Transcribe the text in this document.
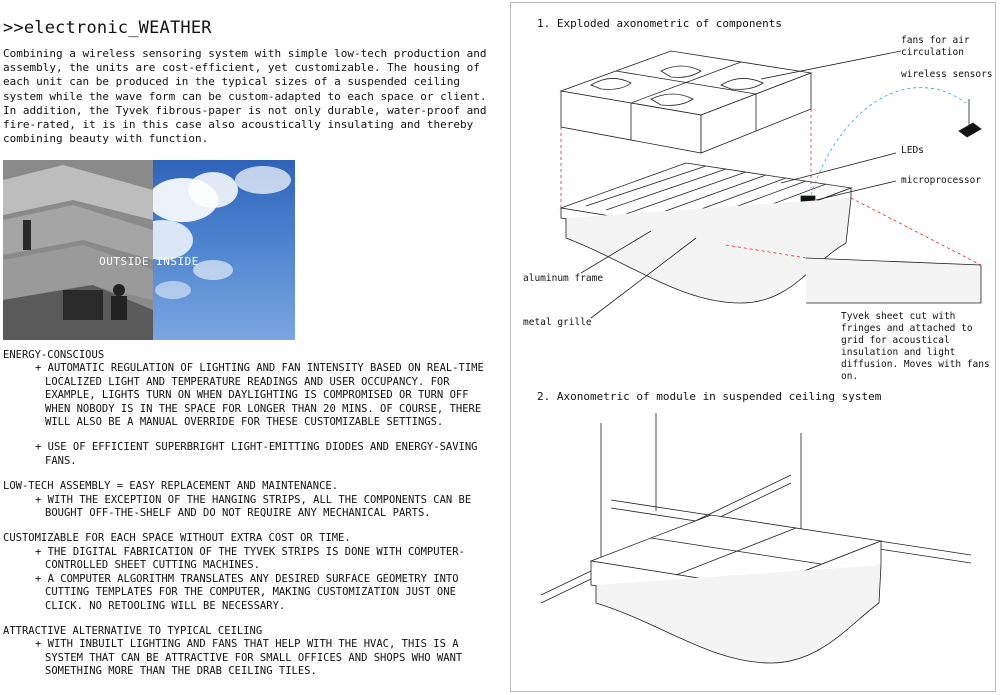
>>electronic_WEATHER
Combining a wireless sensoring system with simple low-tech production and assembly, the units are cost-efficient, yet customizable. The housing of each unit can be produced in the typical sizes of a suspended ceiling system while the wave form can be custom-adapted to each space or client. In addition, the Tyvek fibrous-paper is not only durable, water-proof and fire-rated, it is in this case also acoustically insulating and thereby combining beauty with function.
OUTSIDE INSIDE

ENERGY-CONSCIOUS

+ AUTOMATIC REGULATION OF LIGHTING AND FAN INTENSITY BASED ON REAL-TIME LOCALIZED LIGHT AND TEMPERATURE READINGS AND USER OCCUPANCY. FOR EXAMPLE, LIGHTS TURN ON WHEN DAYLIGHTING IS COMPROMISED OR TURN OFF WHEN NOBODY IS IN THE SPACE FOR LONGER THAN 20 MINS. OF COURSE, THERE WILL ALSO BE A MANUAL OVERRIDE FOR THESE CUSTOMIZABLE SETTINGS.

+ USE OF EFFICIENT SUPERBRIGHT LIGHT-EMITTING DIODES AND ENERGY-SAVING FANS.

LOW-TECH ASSEMBLY = EASY REPLACEMENT AND MAINTENANCE.

+ WITH THE EXCEPTION OF THE HANGING STRIPS, ALL THE COMPONENTS CAN BE BOUGHT OFF-THE-SHELF AND DO NOT REQUIRE ANY MECHANICAL PARTS.

CUSTOMIZABLE FOR EACH SPACE WITHOUT EXTRA COST OR TIME.

+ THE DIGITAL FABRICATION OF THE TYVEK STRIPS IS DONE WITH COMPUTER-CONTROLLED SHEET CUTTING MACHINES.

+ A COMPUTER ALGORITHM TRANSLATES ANY DESIRED SURFACE GEOMETRY INTO CUTTING TEMPLATES FOR THE COMPUTER, MAKING CUSTOMIZATION JUST ONE CLICK. NO RETOOLING WILL BE NECESSARY.

ATTRACTIVE ALTERNATIVE TO TYPICAL CEILING

+ WITH INBUILT LIGHTING AND FANS THAT HELP WITH THE HVAC, THIS IS A SYSTEM THAT CAN BE ATTRACTIVE FOR SMALL OFFICES AND SHOPS WHO WANT SOMETHING MORE THAN THE DRAB CEILING TILES.

1. Exploded axonometric of components
fans for air circulation
wireless sensors
LEDs
microprocessor
aluminum frame
metal grille
Tyvek sheet cut with fringes and attached to grid for acoustical insulation and light diffusion. Moves with fans on.
2. Axonometric of module in suspended ceiling system
